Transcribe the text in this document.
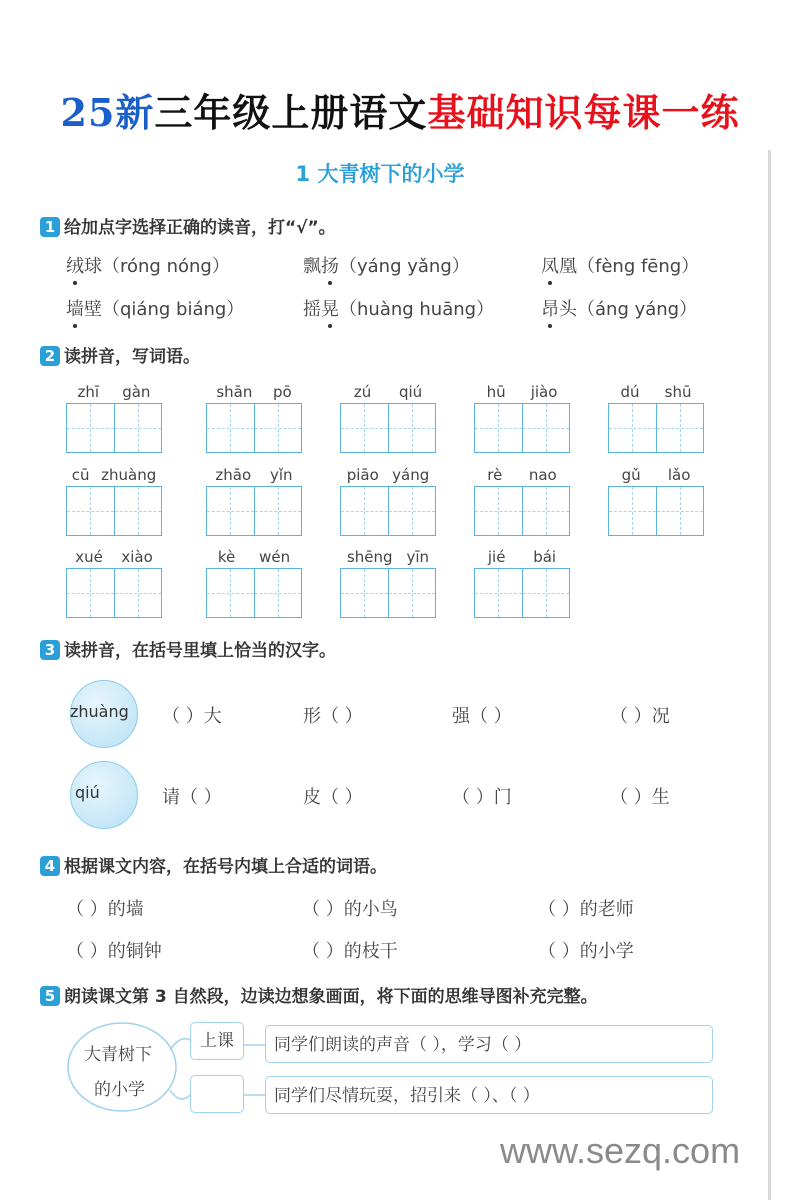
25新三年级上册语文基础知识每课一练
1 大青树下的小学
1 给加点字选择正确的读音，打“√”。
2 读拼音，写词语。
3 读拼音，在括号里填上恰当的汉字。
4 根据课文内容，在括号内填上合适的词语。
5 朗读课文第 3 自然段，边读边想象画面，将下面的思维导图补充完整。
大青树下
的小学
上课	同学们朗读的声音（ ），学习（ ）
同学们尽情玩耍，招引来（ ）、（ ）
www.sezq.com
绒球（róng nóng）	飘扬（yáng yǎng）	凤凰（fèng fēng）
墙壁（qiáng biáng）	摇晃（huàng huāng）	昂头（áng yáng）
zhī gàn	shān pō	zú qiú	hū jiào	dú shū
cū zhuàng	zhāo yǐn	piāo yáng	rè nao	gǔ lǎo
xué xiào	kè wén	shēng yīn	jié bái
zhuàng （ ）大	形（ ）	强（ ）	（ ）况
qiú	请（ ）	皮（ ）	（ ）门	（ ）生
（ ）的墙	（ ）的小鸟	（ ）的老师
（ ）的铜钟	（ ）的枝干	（ ）的小学
